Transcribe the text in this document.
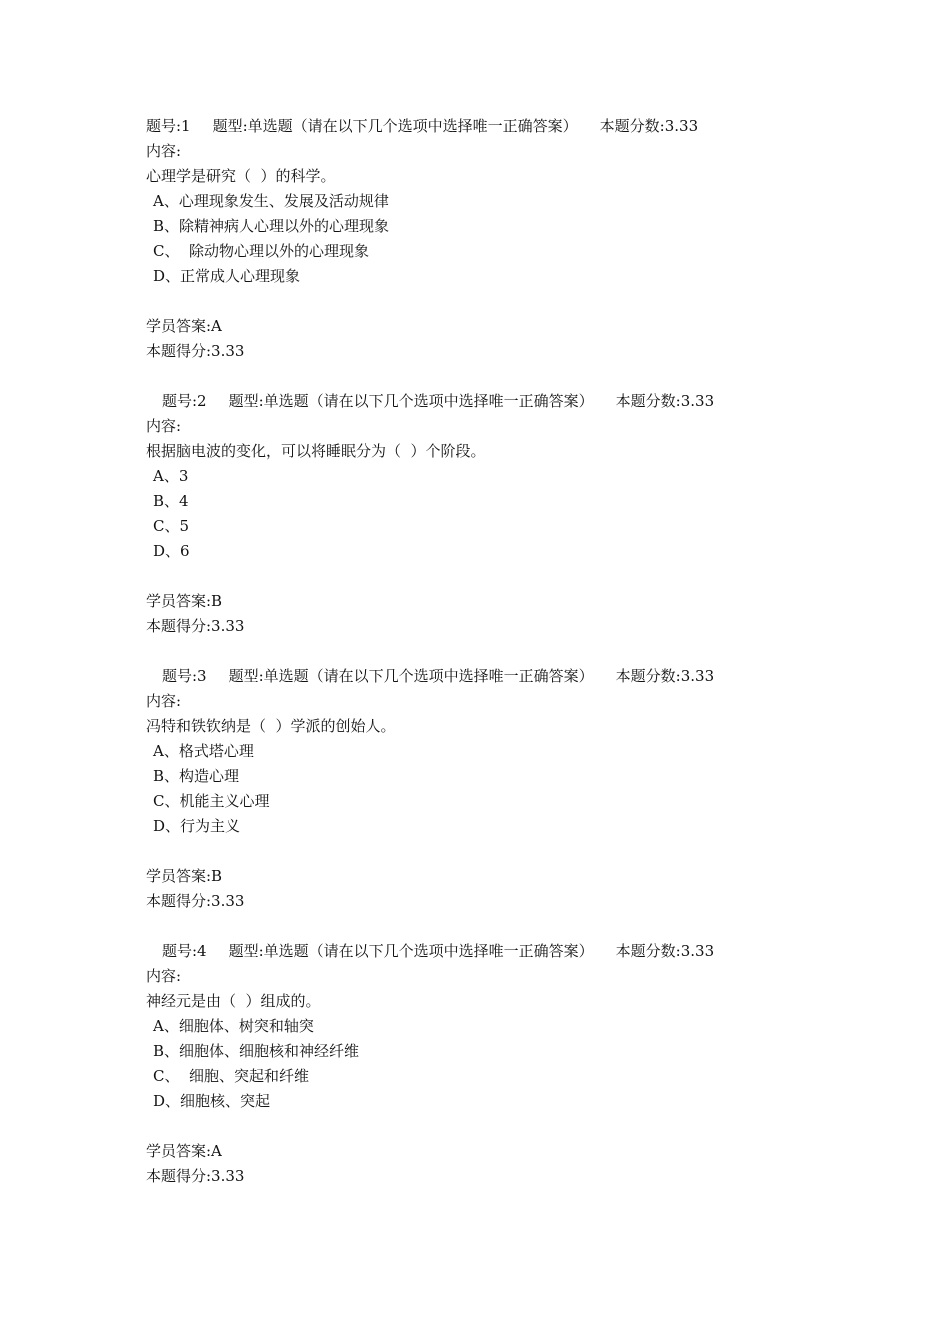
题号:1 题型:单选题（请在以下几个选项中选择唯一正确答案） 本题分数:3.33
内容:
心理学是研究（  ）的科学。
A、心理现象发生、发展及活动规律
B、除精神病人心理以外的心理现象
C、  除动物心理以外的心理现象
D、正常成人心理现象
学员答案:A
本题得分:3.33
题号:2 题型:单选题（请在以下几个选项中选择唯一正确答案） 本题分数:3.33
内容:
根据脑电波的变化，可以将睡眠分为（  ）个阶段。
A、3
B、4
C、5
D、6
学员答案:B
本题得分:3.33
题号:3 题型:单选题（请在以下几个选项中选择唯一正确答案） 本题分数:3.33
内容:
冯特和铁钦纳是（  ）学派的创始人。
A、格式塔心理
B、构造心理
C、机能主义心理
D、行为主义
学员答案:B
本题得分:3.33
题号:4 题型:单选题（请在以下几个选项中选择唯一正确答案） 本题分数:3.33
内容:
神经元是由（  ）组成的。
A、细胞体、树突和轴突
B、细胞体、细胞核和神经纤维
C、  细胞、突起和纤维
D、细胞核、突起
学员答案:A
本题得分:3.33
